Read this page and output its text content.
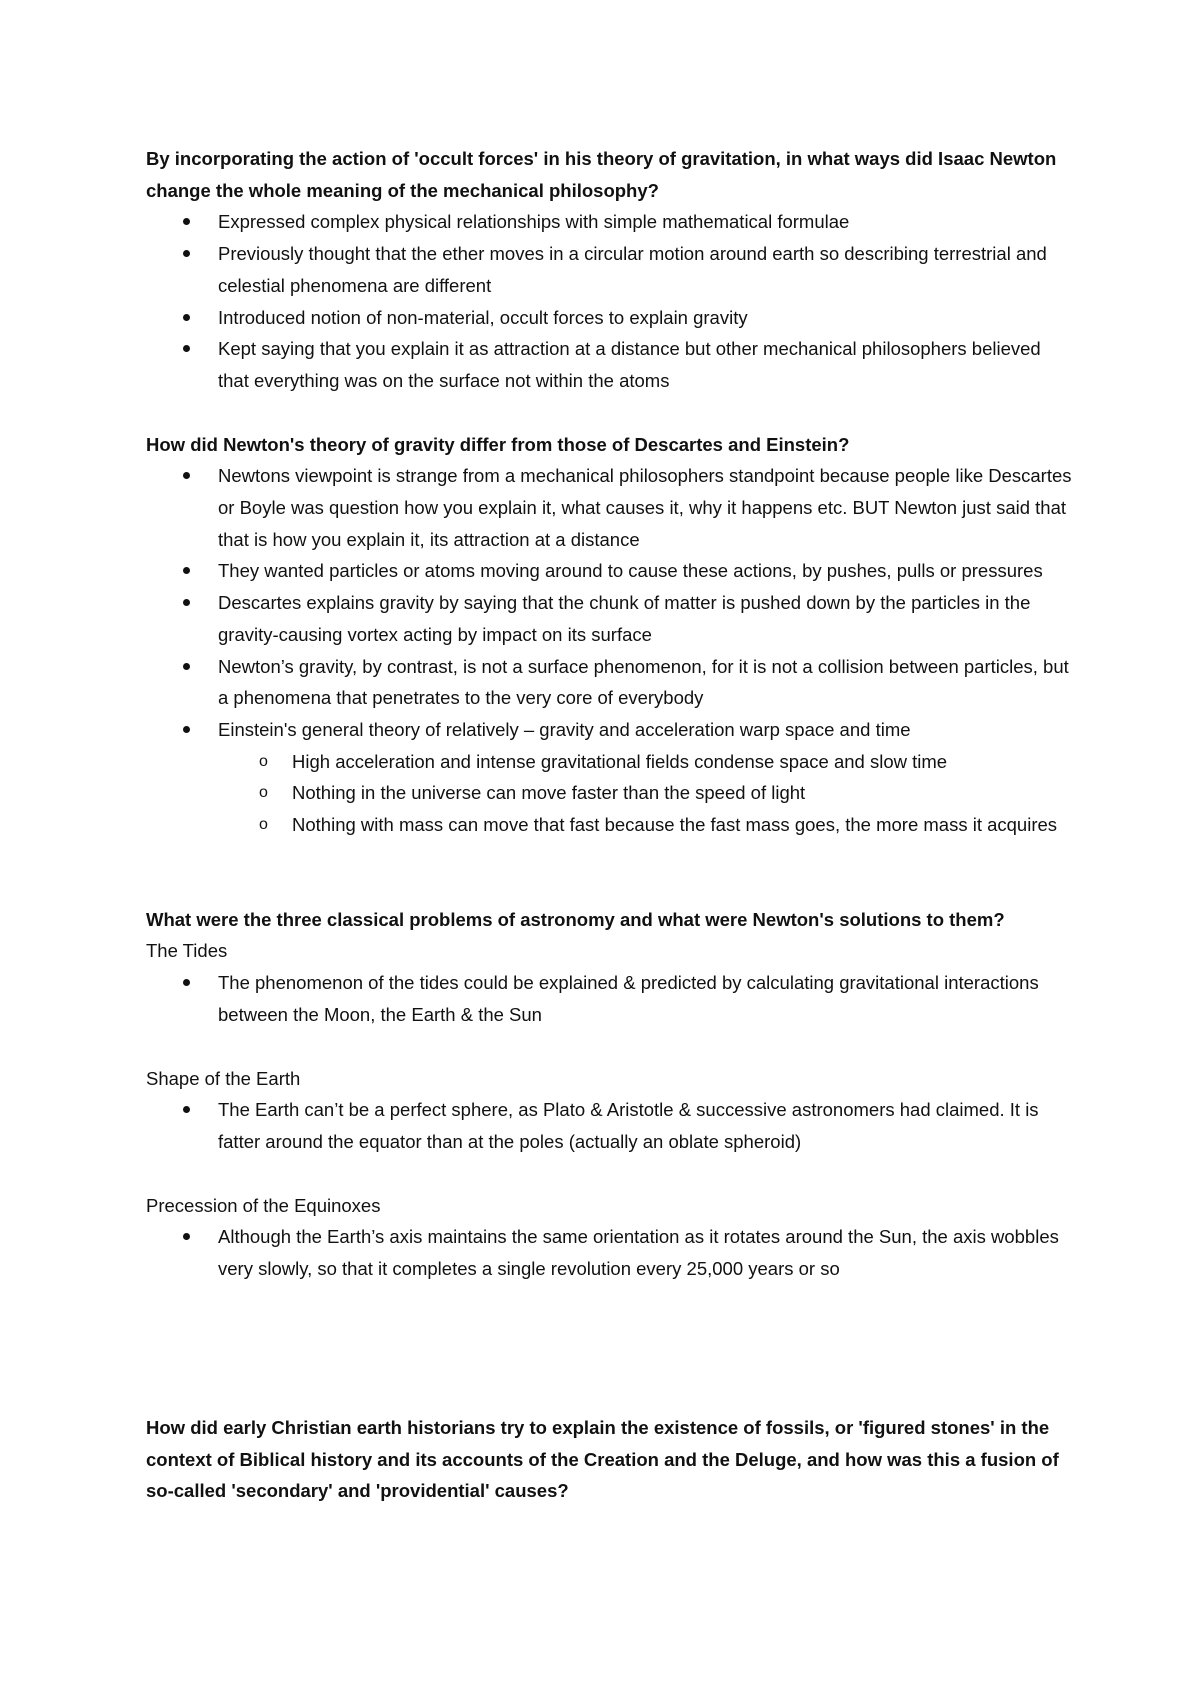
By incorporating the action of 'occult forces' in his theory of gravitation, in what ways did Isaac Newton change the whole meaning of the mechanical philosophy?

Expressed complex physical relationships with simple mathematical formulae
Previously thought that the ether moves in a circular motion around earth so describing terrestrial and celestial phenomena are different
Introduced notion of non-material, occult forces to explain gravity
Kept saying that you explain it as attraction at a distance but other mechanical philosophers believed that everything was on the surface not within the atoms

How did Newton's theory of gravity differ from those of Descartes and Einstein?

Newtons viewpoint is strange from a mechanical philosophers standpoint because people like Descartes or Boyle was question how you explain it, what causes it, why it happens etc. BUT Newton just said that that is how you explain it, its attraction at a distance
They wanted particles or atoms moving around to cause these actions, by pushes, pulls or pressures
Descartes explains gravity by saying that the chunk of matter is pushed down by the particles in the gravity-causing vortex acting by impact on its surface
Newton’s gravity, by contrast, is not a surface phenomenon, for it is not a collision between particles, but a phenomena that penetrates to the very core of everybody
Einstein's general theory of relatively – gravity and acceleration warp space and time
o High acceleration and intense gravitational fields condense space and slow time
o Nothing in the universe can move faster than the speed of light
o Nothing with mass can move that fast because the fast mass goes, the more mass it acquires

What were the three classical problems of astronomy and what were Newton's solutions to them?

The Tides

The phenomenon of the tides could be explained & predicted by calculating gravitational interactions between the Moon, the Earth & the Sun

Shape of the Earth

The Earth can’t be a perfect sphere, as Plato & Aristotle & successive astronomers had claimed. It is fatter around the equator than at the poles (actually an oblate spheroid)

Precession of the Equinoxes

Although the Earth’s axis maintains the same orientation as it rotates around the Sun, the axis wobbles very slowly, so that it completes a single revolution every 25,000 years or so

How did early Christian earth historians try to explain the existence of fossils, or 'figured stones' in the context of Biblical history and its accounts of the Creation and the Deluge, and how was this a fusion of so-called 'secondary' and 'providential' causes?
